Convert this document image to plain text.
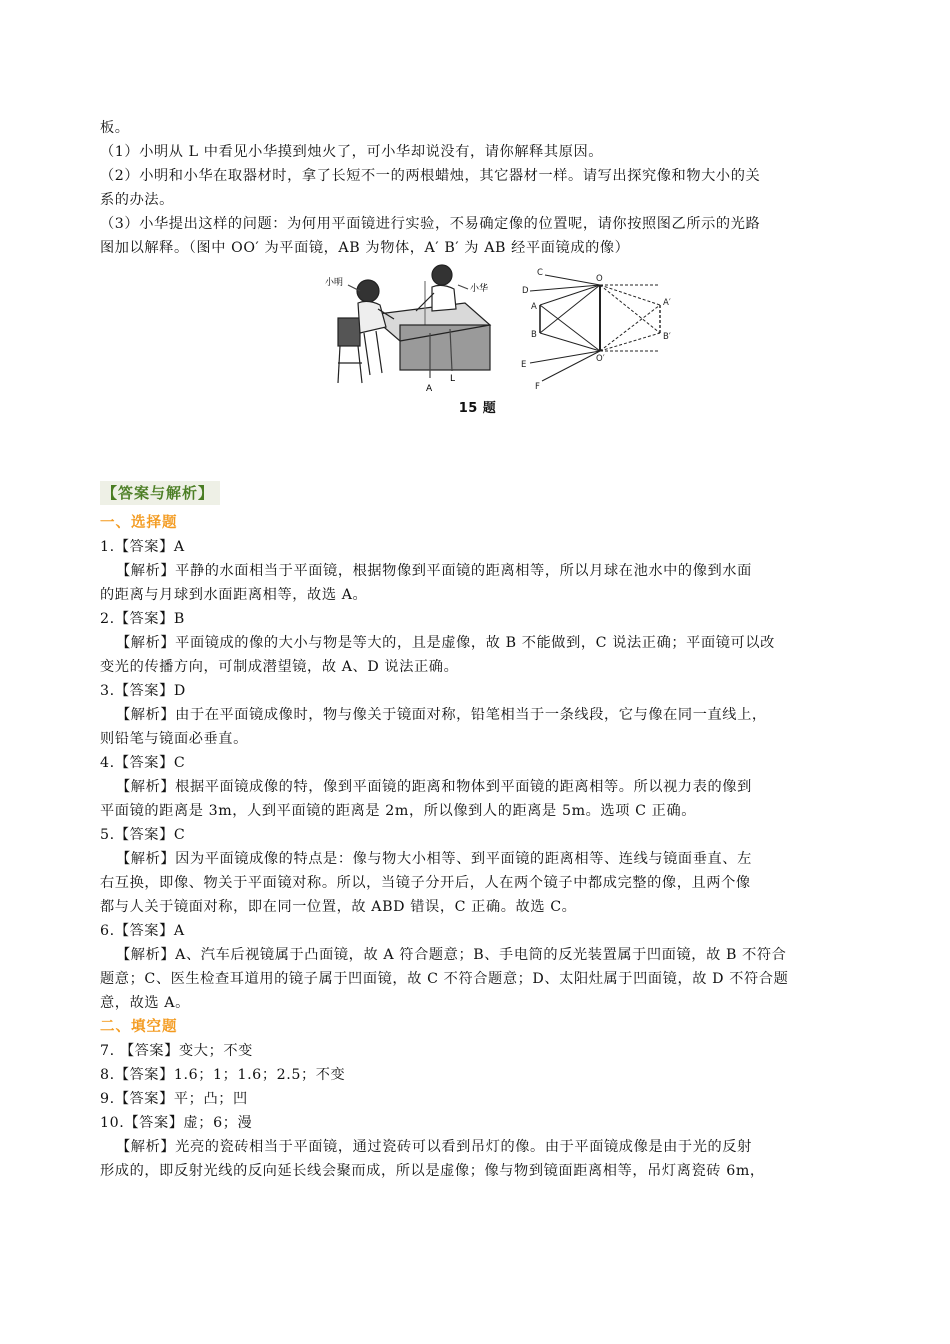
板。
（1）小明从 L 中看见小华摸到烛火了，可小华却说没有，请你解释其原因。
（2）小明和小华在取器材时，拿了长短不一的两根蜡烛，其它器材一样。请写出探究像和物大小的关
系的办法。
（3）小华提出这样的问题：为何用平面镜进行实验，不易确定像的位置呢，请你按照图乙所示的光路
图加以解释。（图中 OO′ 为平面镜，AB 为物体，A′ B′ 为 AB 经平面镜成的像）
小明
小华
A
L
C
D
O
A
B
E
F
O′
A′
B′
15 题
【答案与解析】
一、选择题
1.【答案】A
【解析】平静的水面相当于平面镜，根据物像到平面镜的距离相等，所以月球在池水中的像到水面
的距离与月球到水面距离相等，故选 A。
2.【答案】B
【解析】平面镜成的像的大小与物是等大的，且是虚像，故 B 不能做到，C 说法正确；平面镜可以改
变光的传播方向，可制成潜望镜，故 A、D 说法正确。
3.【答案】D
【解析】由于在平面镜成像时，物与像关于镜面对称，铅笔相当于一条线段，它与像在同一直线上，
则铅笔与镜面必垂直。
4.【答案】C
【解析】根据平面镜成像的特，像到平面镜的距离和物体到平面镜的距离相等。所以视力表的像到
平面镜的距离是 3m，人到平面镜的距离是 2m，所以像到人的距离是 5m。选项 C 正确。
5.【答案】C
【解析】因为平面镜成像的特点是：像与物大小相等、到平面镜的距离相等、连线与镜面垂直、左
右互换，即像、物关于平面镜对称。所以，当镜子分开后，人在两个镜子中都成完整的像，且两个像
都与人关于镜面对称，即在同一位置，故 ABD 错误，C 正确。故选 C。
6.【答案】A
【解析】A、汽车后视镜属于凸面镜，故 A 符合题意；B、手电筒的反光装置属于凹面镜，故 B 不符合
题意；C、医生检查耳道用的镜子属于凹面镜，故 C 不符合题意；D、太阳灶属于凹面镜，故 D 不符合题
意，故选 A。
二、填空题
7. 【答案】变大；不变
8.【答案】1.6；1；1.6；2.5；不变
9.【答案】平；凸；凹
10.【答案】虚；6；漫
【解析】光亮的瓷砖相当于平面镜，通过瓷砖可以看到吊灯的像。由于平面镜成像是由于光的反射
形成的，即反射光线的反向延长线会聚而成，所以是虚像；像与物到镜面距离相等，吊灯离瓷砖 6m，
